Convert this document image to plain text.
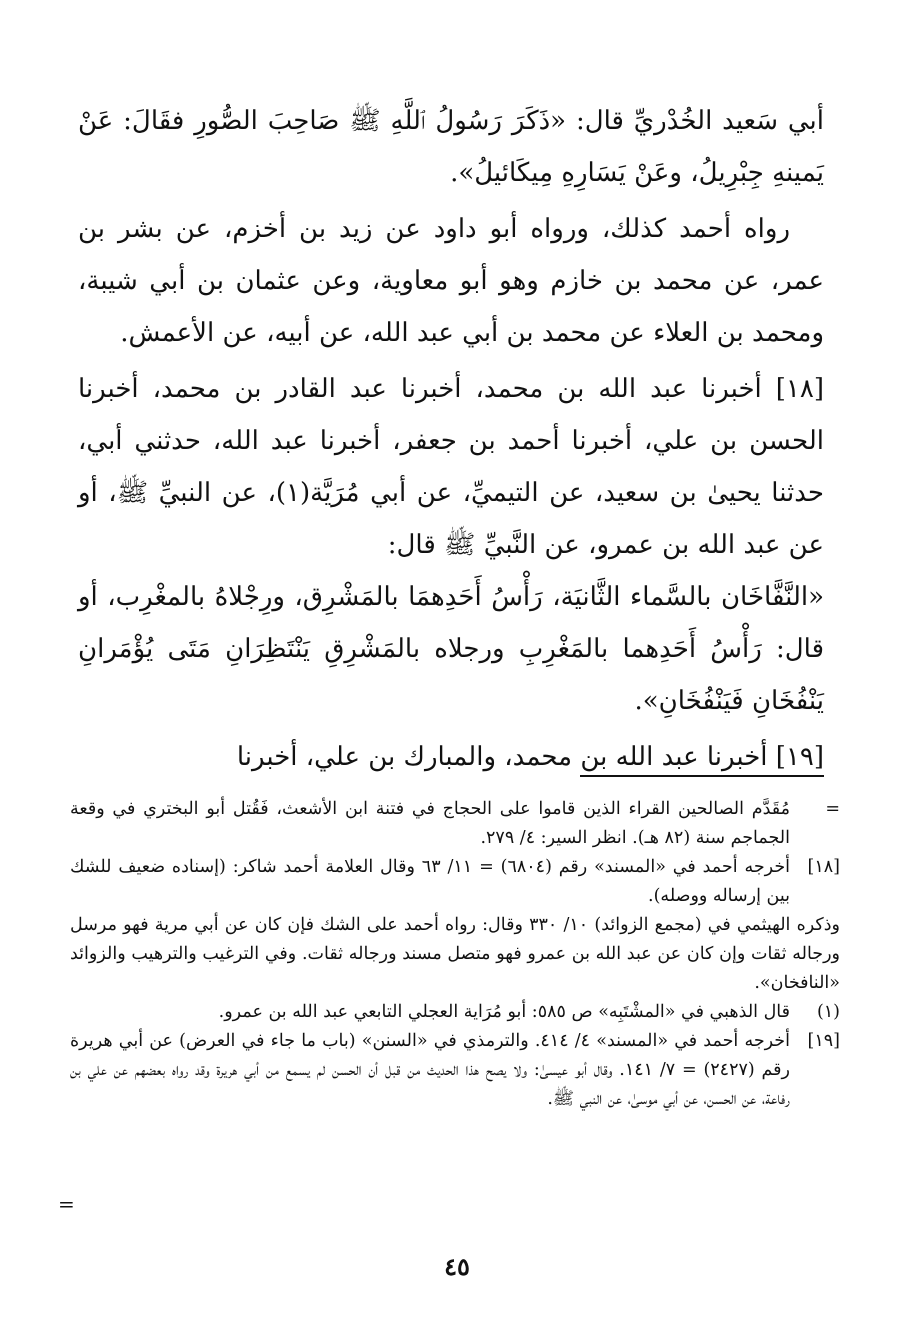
أبي سَعيد الخُدْريِّ قال: «ذَكَرَ رَسُولُ ٱللَّهِ ﷺ صَاحِبَ الصُّورِ فقَالَ: عَنْ يَمينهِ جِبْرِيلُ، وعَنْ يَسَارِهِ مِيكَائيلُ».

رواه أحمد كذلك، ورواه أبو داود عن زيد بن أخزم، عن بشر بن عمر، عن محمد بن خازم وهو أبو معاوية، وعن عثمان بن أبي شيبة، ومحمد بن العلاء عن محمد بن أبي عبد الله، عن أبيه، عن الأعمش.

[١٨] أخبرنا عبد الله بن محمد، أخبرنا عبد القادر بن محمد، أخبرنا الحسن بن علي، أخبرنا أحمد بن جعفر، أخبرنا عبد الله، حدثني أبي، حدثنا يحيىٰ بن سعيد، عن التيميِّ، عن أبي مُرَيَّة(١)، عن النبيِّ ﷺ، أو عن عبد الله بن عمرو، عن النَّبيِّ ﷺ قال:

«النَّفَّاخَان بالسَّماء الثَّانيَة، رَأْسُ أَحَدِهمَا بالمَشْرِق، ورِجْلاهُ بالمغْرِب، أو قال: رَأْسُ أَحَدِهما بالمَغْرِبِ ورجلاه بالمَشْرِقِ يَنْتَظِرَانِ مَتَى يُؤْمَرانِ يَنْفُخَانِ فَيَنْفُخَانِ».

[١٩] أخبرنا عبد الله بن محمد، والمبارك بن علي، أخبرنا

=
مُقَدَّم الصالحين القراء الذين قاموا على الحجاج في فتنة ابن الأشعث، فَقُتل أبو البختري في وقعة الجماجم سنة (٨٢ هـ). انظر السير: ٤/ ٢٧٩.
[١٨]
أخرجه أحمد في «المسند» رقم (٦٨٠٤) = ١١/ ٦٣ وقال العلامة أحمد شاكر: (إسناده ضعيف للشك بين إرساله ووصله).
وذكره الهيثمي في (مجمع الزوائد) ١٠/ ٣٣٠ وقال: رواه أحمد على الشك فإن كان عن أبي مرية فهو مرسل ورجاله ثقات وإن كان عن عبد الله بن عمرو فهو متصل مسند ورجاله ثقات. وفي الترغيب والترهيب والزوائد «النافخان».
(١)
قال الذهبي في «المشْتَبِه» ص ٥٨٥: أبو مُرَاية العجلي التابعي عبد الله بن عمرو.
[١٩]
أخرجه أحمد في «المسند» ٤/ ٤١٤. والترمذي في «السنن» (باب ما جاء في العرض) عن أبي هريرة رقم (٢٤٢٧) = ٧/ ١٤١. وقال أبو عيسىٰ: ولا يصح هذا الحديث من قبل أن الحسن لم يسمع من أبي هريرة وقد رواه بعضهم عن علي بن رفاعة، عن الحسن، عن أبي موسىٰ، عن النبي ﷺ.
=
٤٥
